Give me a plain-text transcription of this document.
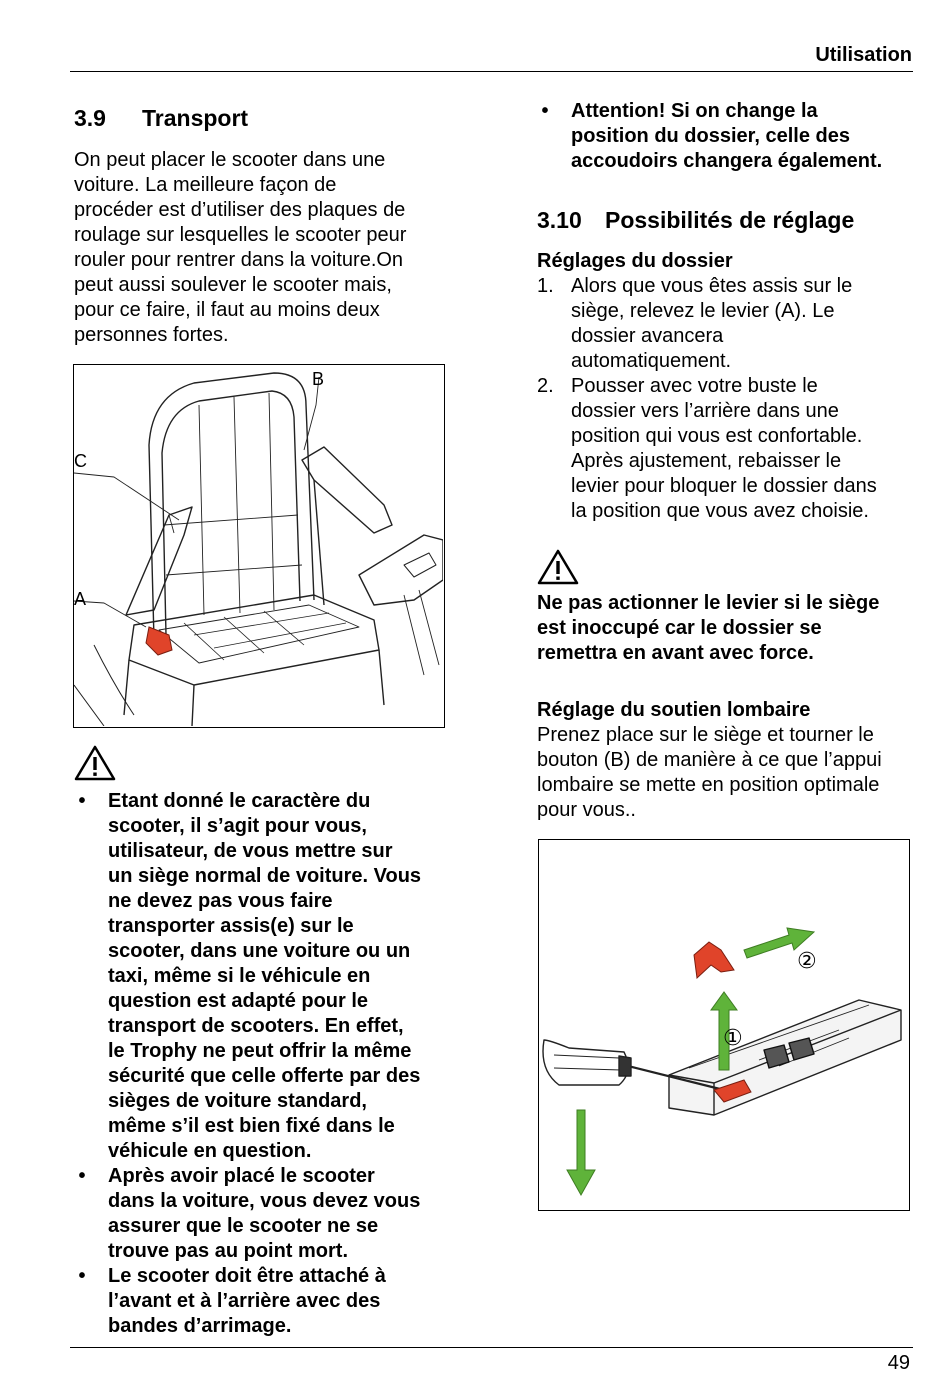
Utilisation
3.9 Transport
On peut placer le scooter dans une
voiture. La meilleure façon de
procéder est d’utiliser des plaques de
roulage sur lesquelles le scooter peur
rouler pour rentrer dans la voiture.On
peut aussi soulever le scooter mais,
pour ce faire, il faut au moins deux
personnes fortes.
B
C
A
• Etant donné le caractère du
scooter, il s’agit pour vous,
utilisateur, de vous mettre sur
un siège normal de voiture. Vous
ne devez pas vous faire
transporter assis(e) sur le
scooter, dans une voiture ou un
taxi, même si le véhicule en
question est adapté pour le
transport de scooters. En effet,
le Trophy ne peut offrir la même
sécurité que celle offerte par des
sièges de voiture standard,
même s’il est bien fixé dans le
véhicule en question.
• Après avoir placé le scooter
dans la voiture, vous devez vous
assurer que le scooter ne se
trouve pas au point mort.
• Le scooter doit être attaché à
l’avant et à l’arrière avec des
bandes d’arrimage.
• Attention! Si on change la
position du dossier, celle des
accoudoirs changera également.
3.10 Possibilités de réglage
Réglages du dossier
1. Alors que vous êtes assis sur le
siège, relevez le levier (A). Le
dossier avancera
automatiquement.
2. Pousser avec votre buste le
dossier vers l’arrière dans une
position qui vous est confortable.
Après ajustement, rebaisser le
levier pour bloquer le dossier dans
la position que vous avez choisie.
Ne pas actionner le levier si le siège
est inoccupé car le dossier se
remettra en avant avec force.
Réglage du soutien lombaire
Prenez place sur le siège et tourner le
bouton (B) de manière à ce que l’appui
lombaire se mette en position optimale
pour vous..
①
②
49
